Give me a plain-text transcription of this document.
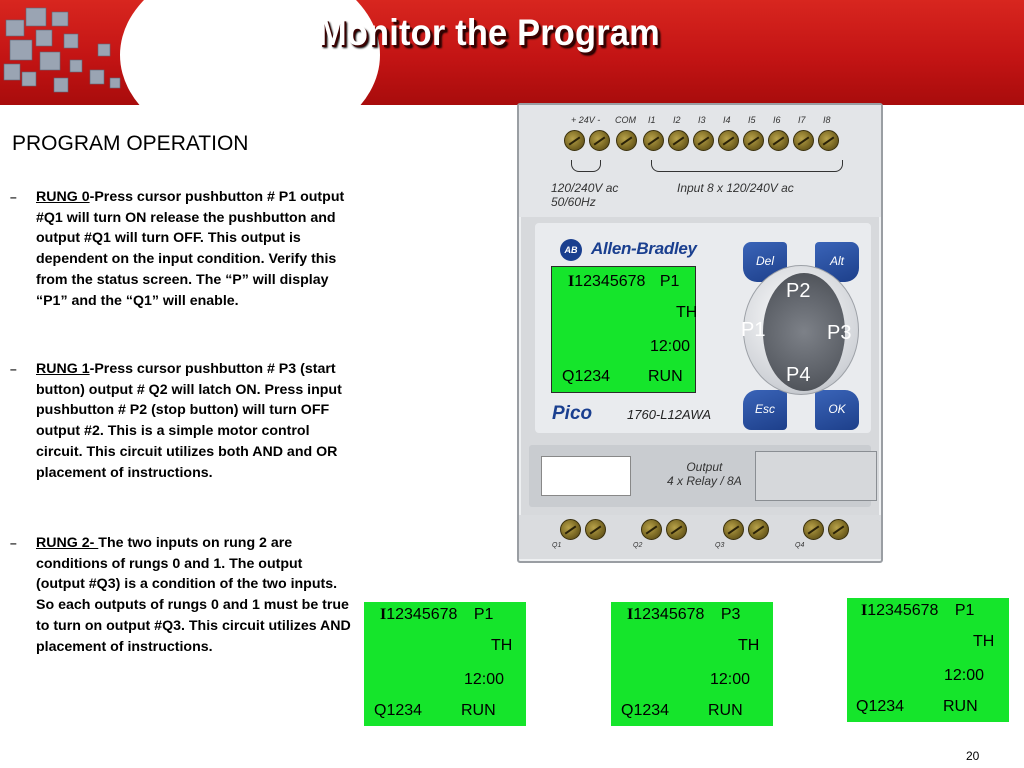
Monitor the Program
PROGRAM OPERATION
– RUNG 0-Press cursor pushbutton # P1 output #Q1 will turn ON release the pushbutton and output #Q1 will turn OFF. This output is dependent on the input condition. Verify this from the status screen. The “P” will display “P1” and the “Q1” will enable.
– RUNG 1-Press cursor pushbutton # P3 (start button) output # Q2 will latch ON. Press input pushbutton # P2 (stop button) will turn OFF output #2. This is a simple motor control circuit. This circuit utilizes both AND and OR placement of instructions.
– RUNG 2- The two inputs on rung 2 are conditions of rungs 0 and 1. The output (output #Q3) is a condition of the two inputs. So each outputs of rungs 0 and 1 must be true to turn on output #Q3. This circuit utilizes AND placement of instructions.
+ 24V - COM I1 I2 I3 I4 I5 I6 I7 I8
120/240V ac
50/60Hz
Input 8 x 120/240V ac
AB Allen-Bradley
Del	Alt
Esc	OK
P2
P1	P3
P4
Pico	1760-L12AWA
Output
4 x Relay / 8A
Q1	Q2	Q3	Q4
I12345678 P1
TH
12:00
Q1234 RUN
I12345678 P1
TH
12:00
Q1234 RUN
I12345678 P3
TH
12:00
Q1234 RUN
I12345678 P1
TH
12:00
Q1234 RUN
20
